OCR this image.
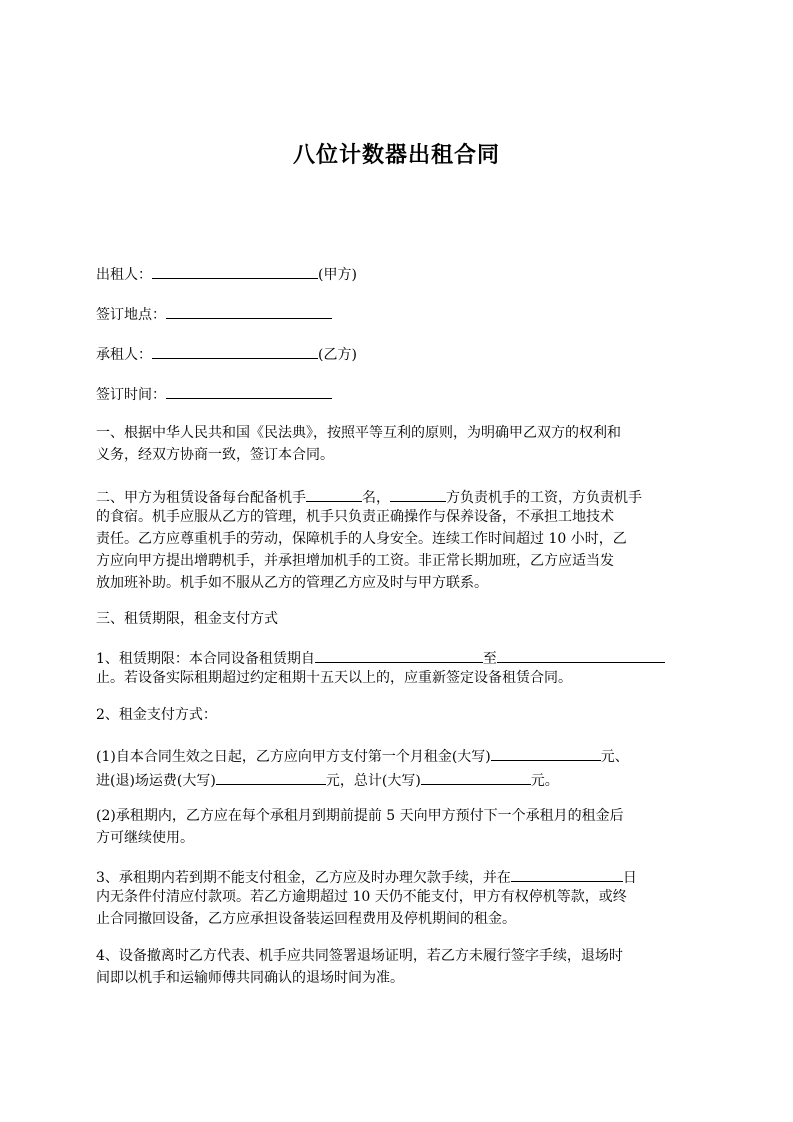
八位计数器出租合同
出租人：	(甲方)
签订地点：
承租人：	(乙方)
签订时间：
一、根据中华人民共和国《民法典》，按照平等互利的原则，为明确甲乙双方的权利和
义务，经双方协商一致，签订本合同。
二、甲方为租赁设备每台配备机手	名，	方负责机手的工资，方负责机手
的食宿。机手应服从乙方的管理，机手只负责正确操作与保养设备，不承担工地技术
责任。乙方应尊重机手的劳动，保障机手的人身安全。连续工作时间超过 10 小时，乙
方应向甲方提出增聘机手，并承担增加机手的工资。非正常长期加班，乙方应适当发
放加班补助。机手如不服从乙方的管理乙方应及时与甲方联系。
三、租赁期限，租金支付方式
1、租赁期限：本合同设备租赁期自	至
止。若设备实际租期超过约定租期十五天以上的，应重新签定设备租赁合同。
2、租金支付方式：
(1)自本合同生效之日起，乙方应向甲方支付第一个月租金(大写)	元、
进(退)场运费(大写)	元，总计(大写)	元。
(2)承租期内，乙方应在每个承租月到期前提前 5 天向甲方预付下一个承租月的租金后
方可继续使用。
3、承租期内若到期不能支付租金，乙方应及时办理欠款手续，并在	日
内无条件付清应付款项。若乙方逾期超过 10 天仍不能支付，甲方有权停机等款，或终
止合同撤回设备，乙方应承担设备装运回程费用及停机期间的租金。
4、设备撤离时乙方代表、机手应共同签署退场证明，若乙方未履行签字手续，退场时
间即以机手和运输师傅共同确认的退场时间为准。
